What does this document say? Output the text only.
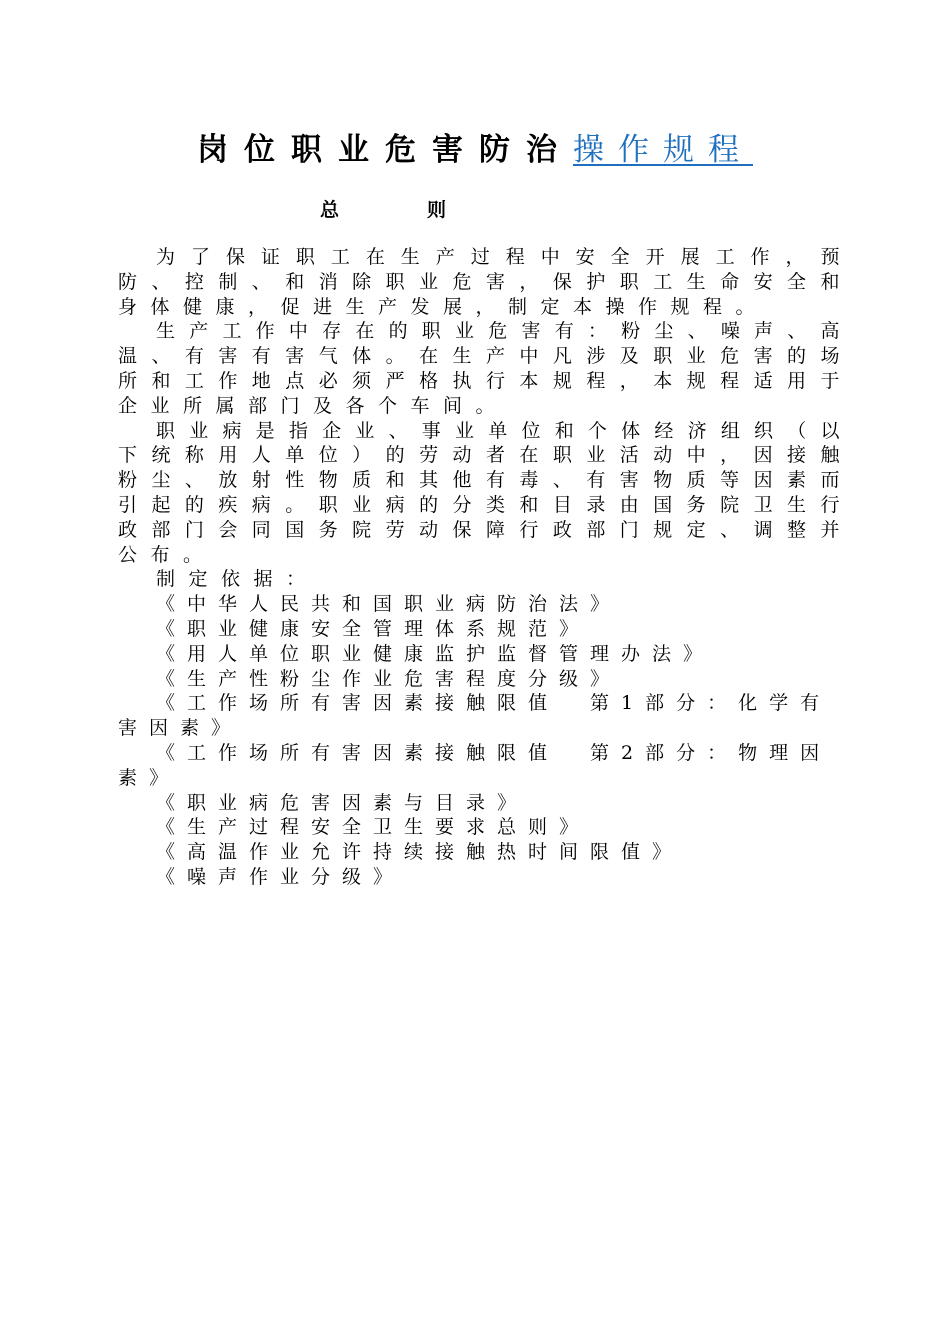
岗位职业危害防治操作规程
总则

为了保证职工在生产过程中安全开展工作，预防、控制、和消除职业危害，保护职工生命安全和身体健康，促进生产发展，制定本操作规程。

生产工作中存在的职业危害有：粉尘、噪声、高温、有害有害气体。在生产中凡涉及职业危害的场所和工作地点必须严格执行本规程，本规程适用于企业所属部门及各个车间。

职业病是指企业、事业单位和个体经济组织（以下统称用人单位）的劳动者在职业活动中，因接触粉尘、放射性物质和其他有毒、有害物质等因素而引起的疾病。职业病的分类和目录由国务院卫生行政部门会同国务院劳动保障行政部门规定、调整并公布。

制定依据：

《中华人民共和国职业病防治法》

《职业健康安全管理体系规范》

《用人单位职业健康监护监督管理办法》

《生产性粉尘作业危害程度分级》

《工作场所有害因素接触限值　第1部分：化学有害因素》

《工作场所有害因素接触限值　第2部分：物理因素》

《职业病危害因素与目录》

《生产过程安全卫生要求总则》

《高温作业允许持续接触热时间限值》

《噪声作业分级》
